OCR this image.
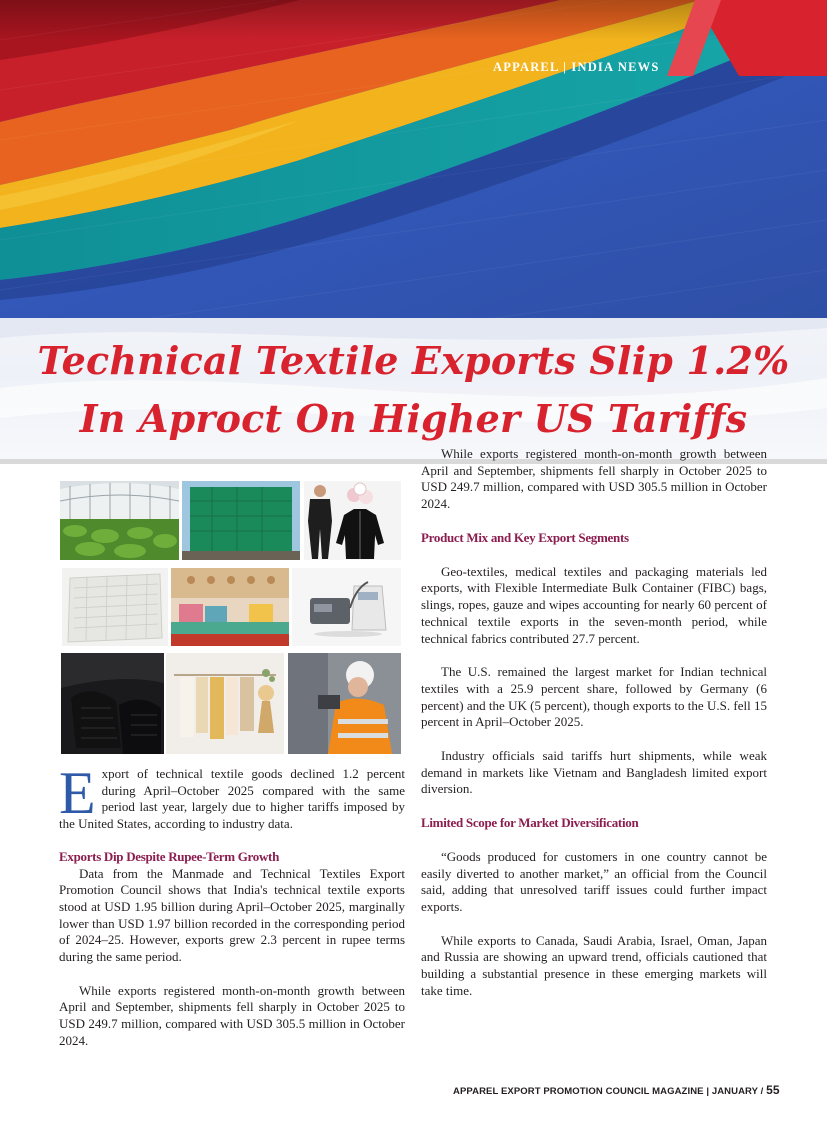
APPAREL | INDIA NEWS
Technical Textile Exports Slip 1.2%
In Aproct On Higher US Tariffs

E xport of technical textile goods declined 1.2 percent during April–October 2025 compared with the same period last year, largely due to higher tariffs imposed by the United States, according to industry data.

Exports Dip Despite Rupee-Term Growth

Data from the Manmade and Technical Textiles Export Promotion Council shows that India's technical textile exports stood at USD 1.95 billion during April–October 2025, marginally lower than USD 1.97 billion recorded in the corresponding period of 2024–25. However, exports grew 2.3 percent in rupee terms during the same period.

While exports registered month-on-month growth between April and September, shipments fell sharply in October 2025 to USD 249.7 million, compared with USD 305.5 million in October 2024.

While exports registered month-on-month growth between April and September, shipments fell sharply in October 2025 to USD 249.7 million, compared with USD 305.5 million in October 2024.

Product Mix and Key Export Segments

Geo-textiles, medical textiles and packaging materials led exports, with Flexible Intermediate Bulk Container (FIBC) bags, slings, ropes, gauze and wipes accounting for nearly 60 percent of technical textile exports in the seven-month period, while technical fabrics contributed 27.7 percent.

The U.S. remained the largest market for Indian technical textiles with a 25.9 percent share, followed by Germany (6 percent) and the UK (5 percent), though exports to the U.S. fell 15 percent in April–October 2025.

Industry officials said tariffs hurt shipments, while weak demand in markets like Vietnam and Bangladesh limited export diversion.

Limited Scope for Market Diversification

“Goods produced for customers in one country cannot be easily diverted to another market,” an official from the Council said, adding that unresolved tariff issues could further impact exports.

While exports to Canada, Saudi Arabia, Israel, Oman, Japan and Russia are showing an upward trend, officials cautioned that building a substantial presence in these emerging markets will take time.

APPAREL EXPORT PROMOTION COUNCIL MAGAZINE | JANUARY / 55
